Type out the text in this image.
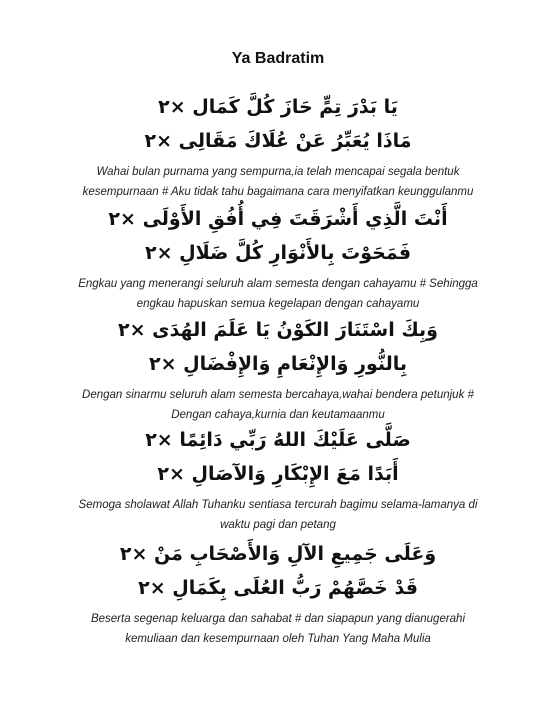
Ya Badratim
يَا بَدْرَ تِمٍّ حَازَ كُلَّ كَمَال ×٢
مَاذَا يُعَبِّرُ عَنْ عُلَاكَ مَقَالِى ×٢
Wahai bulan purnama yang sempurna,ia telah mencapai segala bentuk
kesempurnaan # Aku tidak tahu bagaimana cara menyifatkan keunggulanmu
أَنْتَ الَّذِي أَشْرَقَتَ فِي أُفُقِ الأَوْلَى ×٢
فَمَحَوْتَ بِالأَنْوَارِ كُلَّ ضَلَالِ ×٢
Engkau yang menerangi seluruh alam semesta dengan cahayamu # Sehingga
engkau hapuskan semua kegelapan dengan cahayamu
وَبِكَ اسْتَنَارَ الكَوْنُ يَا عَلَمَ الهُدَى ×٢
بِالنُّورِ وَالإِنْعَامِ وَالإِفْضَالِ ×٢
Dengan sinarmu seluruh alam semesta bercahaya,wahai bendera petunjuk #
Dengan cahaya,kurnia dan keutamaanmu
صَلَّى عَلَيْكَ اللهُ رَبِّي دَائِمًا ×٢
أَبَدًا مَعَ الإِبْكَارِ وَالآصَالِ ×٢
Semoga sholawat Allah Tuhanku sentiasa tercurah bagimu selama-lamanya di
waktu pagi dan petang
وَعَلَى جَمِيعِ الآلِ وَالأَصْحَابِ مَنْ ×٢
قَدْ خَصَّهُمْ رَبُّ العُلَى بِكَمَالِ ×٢
Beserta segenap keluarga dan sahabat # dan siapapun yang dianugerahi
kemuliaan dan kesempurnaan oleh Tuhan Yang Maha Mulia
